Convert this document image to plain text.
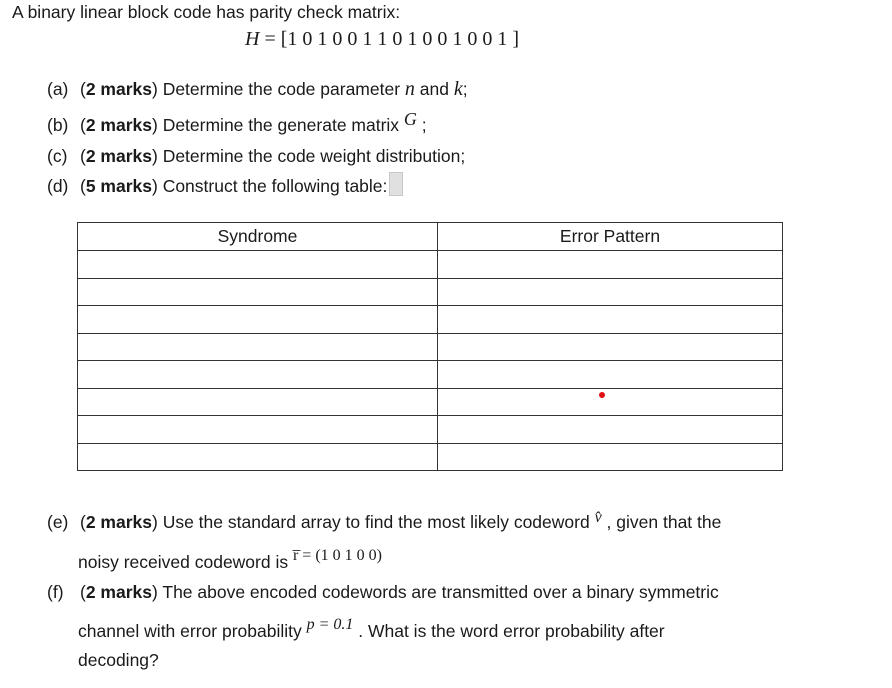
A binary linear block code has parity check matrix:
H = [1 0 1 0 0 1 1 0 1 0 0 1 0 0 1 ]
(a) (2 marks) Determine the code parameter n and k;
(b) (2 marks) Determine the generate matrix G ;
(c) (2 marks) Determine the code weight distribution;
(d) (5 marks) Construct the following table:
Syndrome	Error Pattern

(e) (2 marks) Use the standard array to find the most likely codeword v̂ , given that the
noisy received codeword is r̅ = (1 0 1 0 0)
(f) (2 marks) The above encoded codewords are transmitted over a binary symmetric
channel with error probability p = 0.1 . What is the word error probability after
decoding?
